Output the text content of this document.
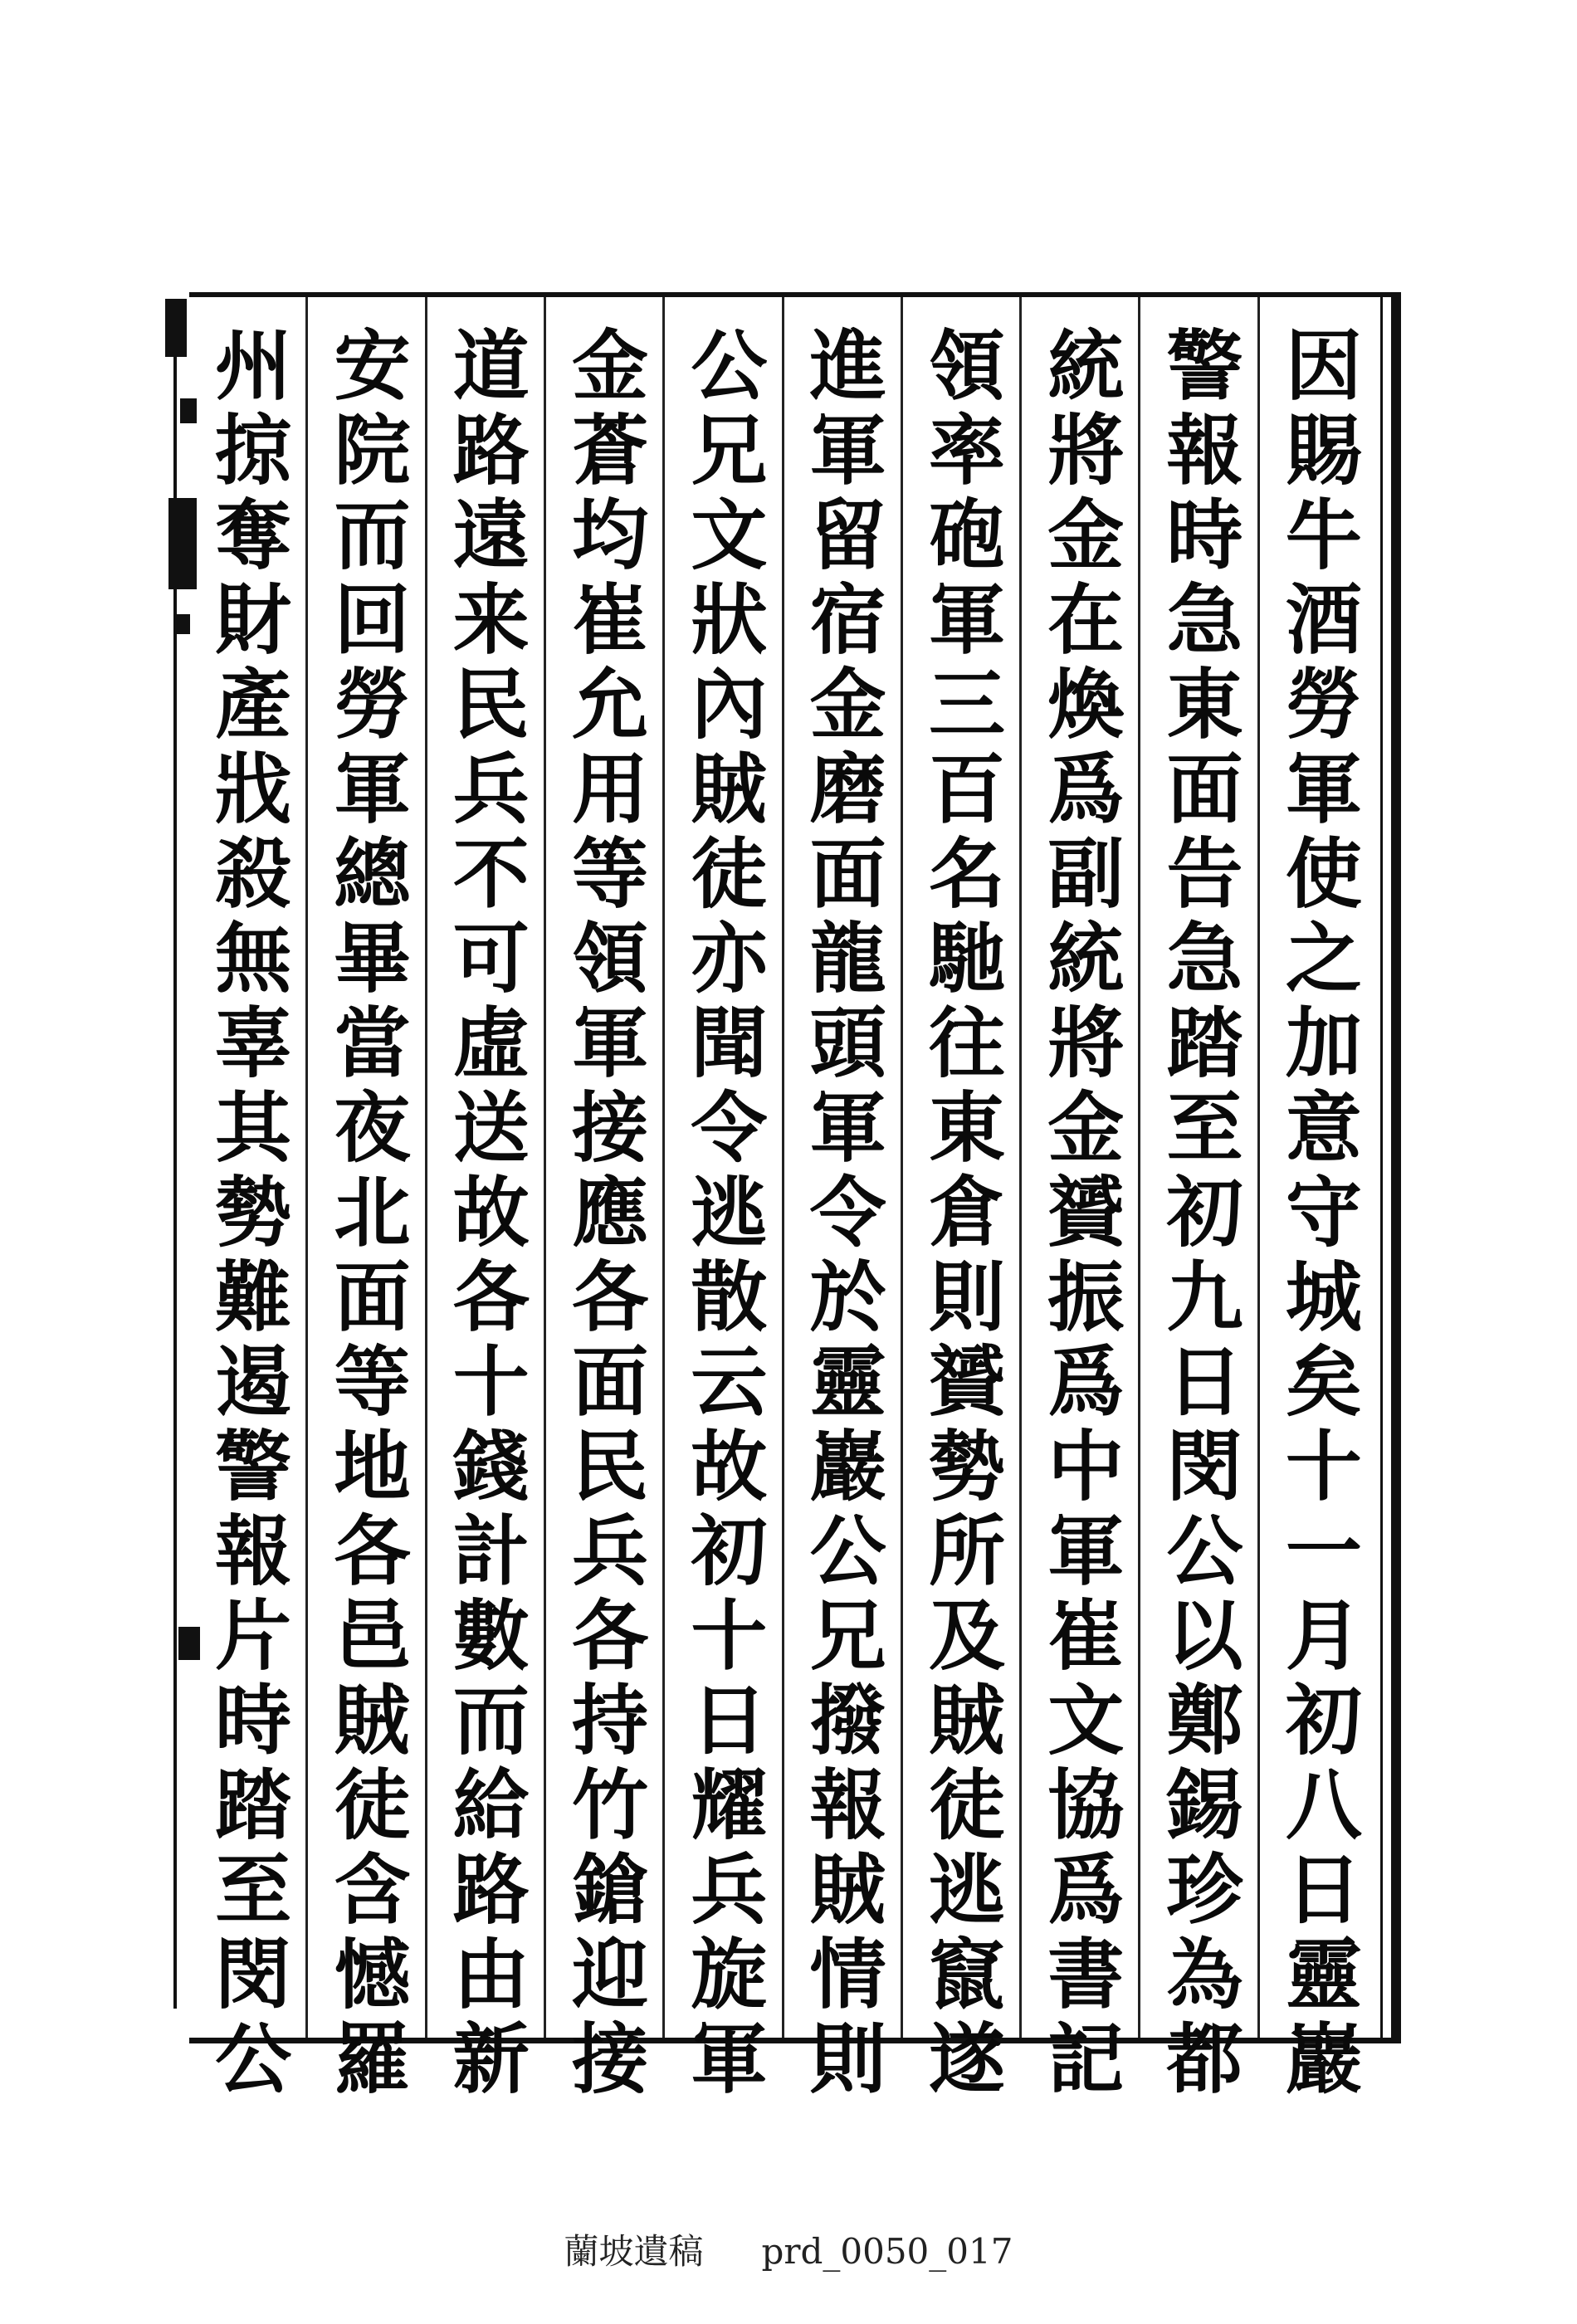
因賜牛酒勞軍使之加意守城矣十一月初八日靈巖
警報時急東面告急踏至初九日閔公以鄭錫珍為都
統將金在煥爲副統將金贇振爲中軍崔文協爲書記
領率砲軍三百名馳往東倉則贇勢所及賊徒逃竄遂
進軍留宿金磨面龍頭軍令於靈巖公兄撥報賊情則
公兄文狀內賊徒亦聞令逃散云故初十日耀兵旋軍
金蒼均崔允用等領軍接應各面民兵各持竹鎗迎接
道路遠来民兵不可虛送故各十錢計數而給路由新
安院而回勞軍總畢當夜北面等地各邑賊徒含憾羅
州掠奪財產戕殺無辜其勢難遏警報片時踏至閔公
蘭坡遺稿 prd_0050_017
